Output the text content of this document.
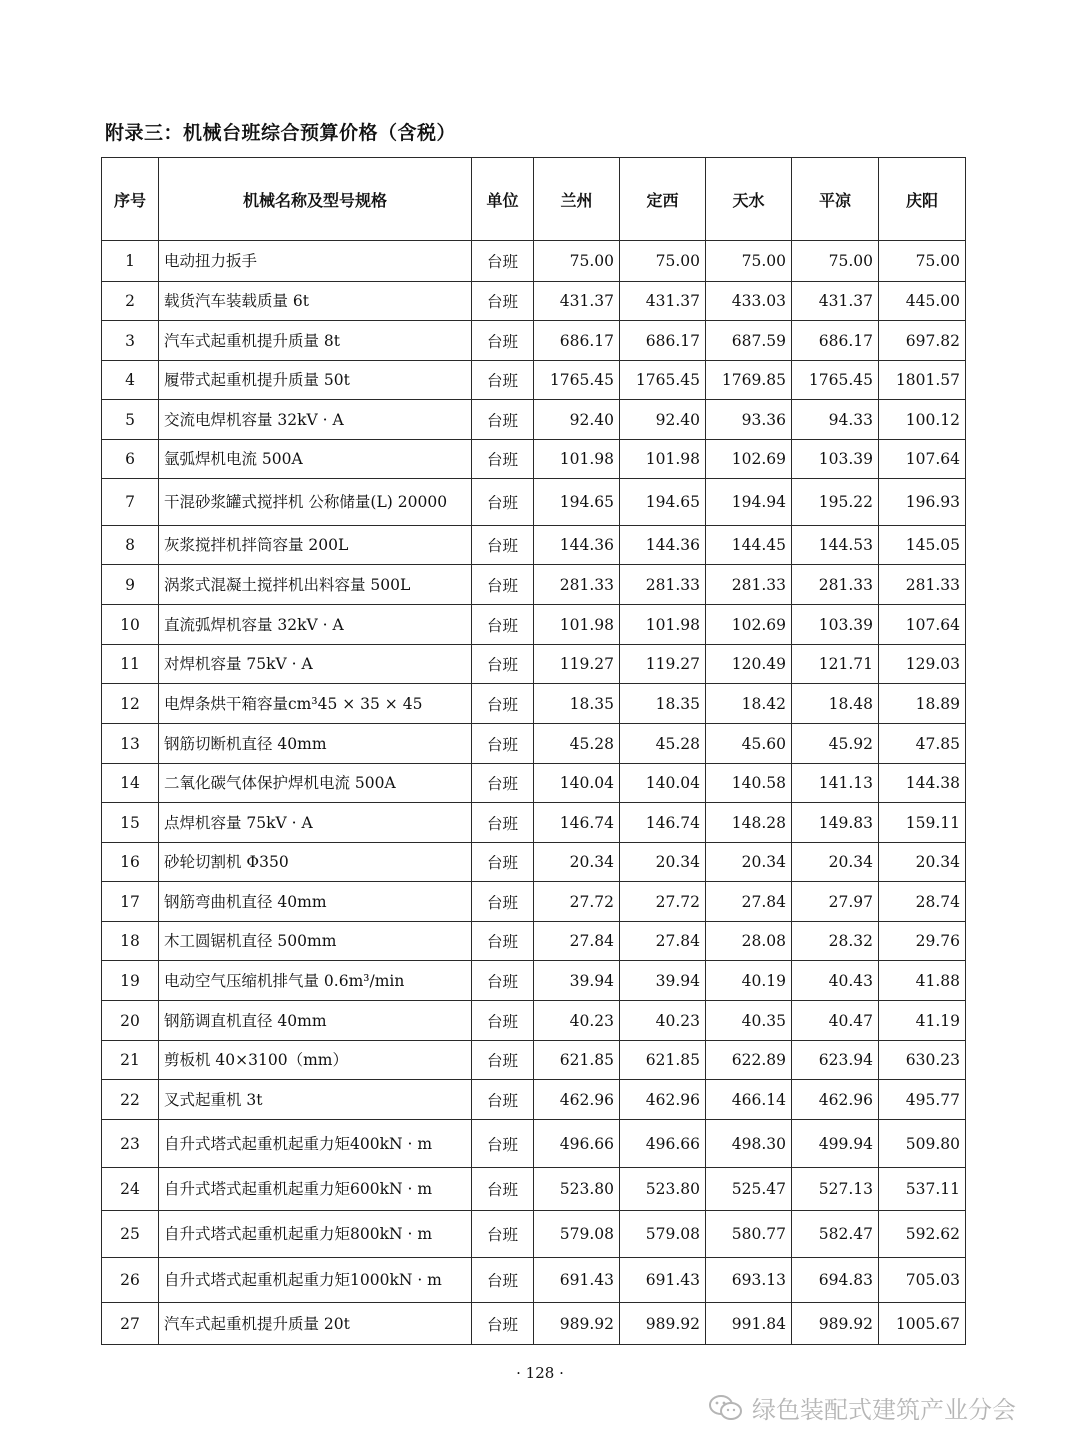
附录三：机械台班综合预算价格（含税）
序号	机械名称及型号规格	单位	兰州	定西	天水	平凉	庆阳
1	电动扭力扳手	台班	75.00	75.00	75.00	75.00	75.00
2	载货汽车装载质量 6t	台班	431.37	431.37	433.03	431.37	445.00
3	汽车式起重机提升质量 8t	台班	686.17	686.17	687.59	686.17	697.82
4	履带式起重机提升质量 50t	台班	1765.45	1765.45	1769.85	1765.45	1801.57
5	交流电焊机容量 32kV · A	台班	92.40	92.40	93.36	94.33	100.12
6	氩弧焊机电流 500A	台班	101.98	101.98	102.69	103.39	107.64
7	干混砂浆罐式搅拌机 公称储量(L) 20000	台班	194.65	194.65	194.94	195.22	196.93
8	灰浆搅拌机拌筒容量 200L	台班	144.36	144.36	144.45	144.53	145.05
9	涡浆式混凝土搅拌机出料容量 500L	台班	281.33	281.33	281.33	281.33	281.33
10	直流弧焊机容量 32kV · A	台班	101.98	101.98	102.69	103.39	107.64
11	对焊机容量 75kV · A	台班	119.27	119.27	120.49	121.71	129.03
12	电焊条烘干箱容量cm³45 × 35 × 45	台班	18.35	18.35	18.42	18.48	18.89
13	钢筋切断机直径 40mm	台班	45.28	45.28	45.60	45.92	47.85
14	二氧化碳气体保护焊机电流 500A	台班	140.04	140.04	140.58	141.13	144.38
15	点焊机容量 75kV · A	台班	146.74	146.74	148.28	149.83	159.11
16	砂轮切割机 Φ350	台班	20.34	20.34	20.34	20.34	20.34
17	钢筋弯曲机直径 40mm	台班	27.72	27.72	27.84	27.97	28.74
18	木工圆锯机直径 500mm	台班	27.84	27.84	28.08	28.32	29.76
19	电动空气压缩机排气量 0.6m³/min	台班	39.94	39.94	40.19	40.43	41.88
20	钢筋调直机直径 40mm	台班	40.23	40.23	40.35	40.47	41.19
21	剪板机 40×3100（mm）	台班	621.85	621.85	622.89	623.94	630.23
22	叉式起重机 3t	台班	462.96	462.96	466.14	462.96	495.77
23	自升式塔式起重机起重力矩400kN · m	台班	496.66	496.66	498.30	499.94	509.80
24	自升式塔式起重机起重力矩600kN · m	台班	523.80	523.80	525.47	527.13	537.11
25	自升式塔式起重机起重力矩800kN · m	台班	579.08	579.08	580.77	582.47	592.62
26	自升式塔式起重机起重力矩1000kN · m	台班	691.43	691.43	693.13	694.83	705.03
27	汽车式起重机提升质量 20t	台班	989.92	989.92	991.84	989.92	1005.67
· 128 ·
绿色装配式建筑产业分会
